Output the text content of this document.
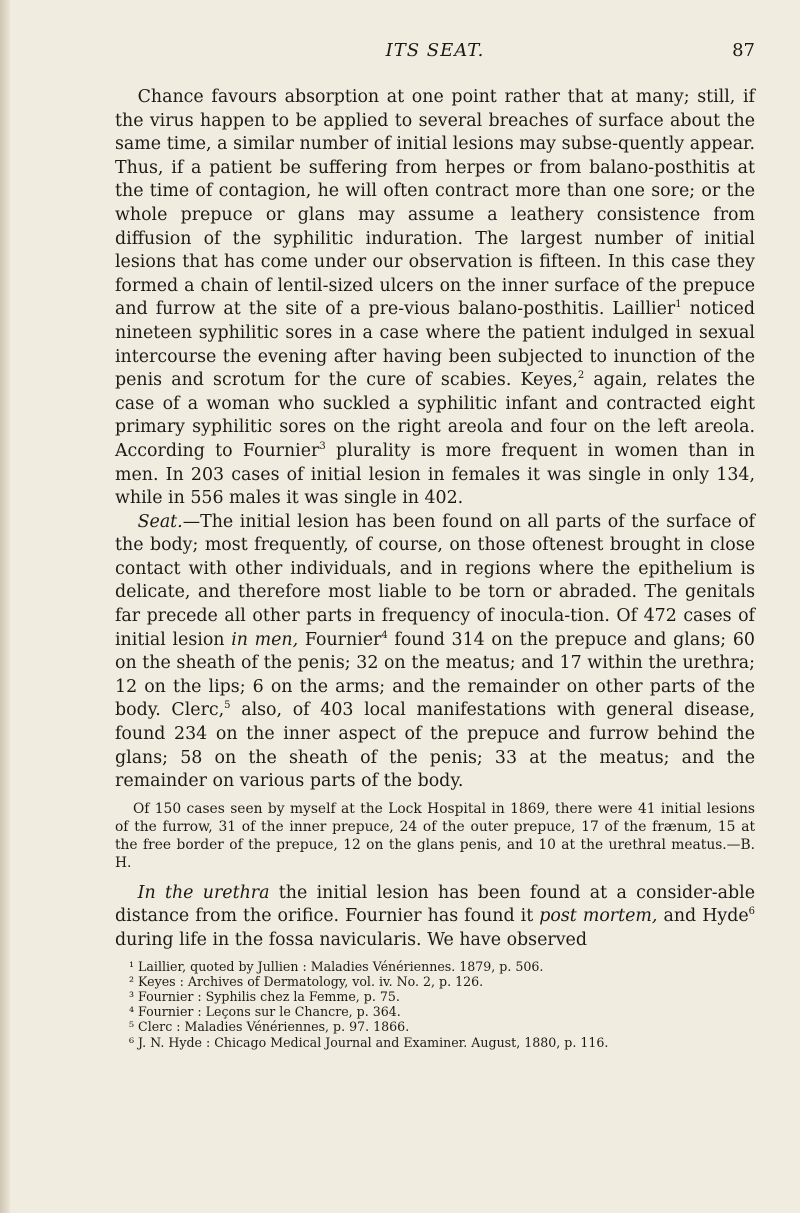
ITS SEAT.	87

Chance favours absorption at one point rather that at many; still, if the virus happen to be applied to several breaches of surface about the same time, a similar number of initial lesions may subse-quently appear. Thus, if a patient be suffering from herpes or from balano-posthitis at the time of contagion, he will often contract more than one sore; or the whole prepuce or glans may assume a leathery consistence from diffusion of the syphilitic induration. The largest number of initial lesions that has come under our observation is fifteen. In this case they formed a chain of lentil-sized ulcers on the inner surface of the prepuce and furrow at the site of a pre-vious balano-posthitis. Laillier$^1$ noticed nineteen syphilitic sores in a case where the patient indulged in sexual intercourse the evening after having been subjected to inunction of the penis and scrotum for the cure of scabies. Keyes,$^2$ again, relates the case of a woman who suckled a syphilitic infant and contracted eight primary syphilitic sores on the right areola and four on the left areola. According to Fournier$^3$ plurality is more frequent in women than in men. In 203 cases of initial lesion in females it was single in only 134, while in 556 males it was single in 402.

Seat.—The initial lesion has been found on all parts of the surface of the body; most frequently, of course, on those oftenest brought in close contact with other individuals, and in regions where the epithelium is delicate, and therefore most liable to be torn or abraded. The genitals far precede all other parts in frequency of inocula-tion. Of 472 cases of initial lesion in men, Fournier$^4$ found 314 on the prepuce and glans; 60 on the sheath of the penis; 32 on the meatus; and 17 within the urethra; 12 on the lips; 6 on the arms; and the remainder on other parts of the body. Clerc,$^5$ also, of 403 local manifestations with general disease, found 234 on the inner aspect of the prepuce and furrow behind the glans; 58 on the sheath of the penis; 33 at the meatus; and the remainder on various parts of the body.

Of 150 cases seen by myself at the Lock Hospital in 1869, there were 41 initial lesions of the furrow, 31 of the inner prepuce, 24 of the outer prepuce, 17 of the frænum, 15 at the free border of the prepuce, 12 on the glans penis, and 10 at the urethral meatus.—B. H.

In the urethra the initial lesion has been found at a consider-able distance from the orifice. Fournier has found it post mortem, and Hyde$^6$ during life in the fossa navicularis. We have observed

¹ Laillier, quoted by Jullien : Maladies Vénériennes. 1879, p. 506.
² Keyes : Archives of Dermatology, vol. iv. No. 2, p. 126.
³ Fournier : Syphilis chez la Femme, p. 75.
⁴ Fournier : Leçons sur le Chancre, p. 364.
⁵ Clerc : Maladies Vénériennes, p. 97. 1866.
⁶ J. N. Hyde : Chicago Medical Journal and Examiner. August, 1880, p. 116.
